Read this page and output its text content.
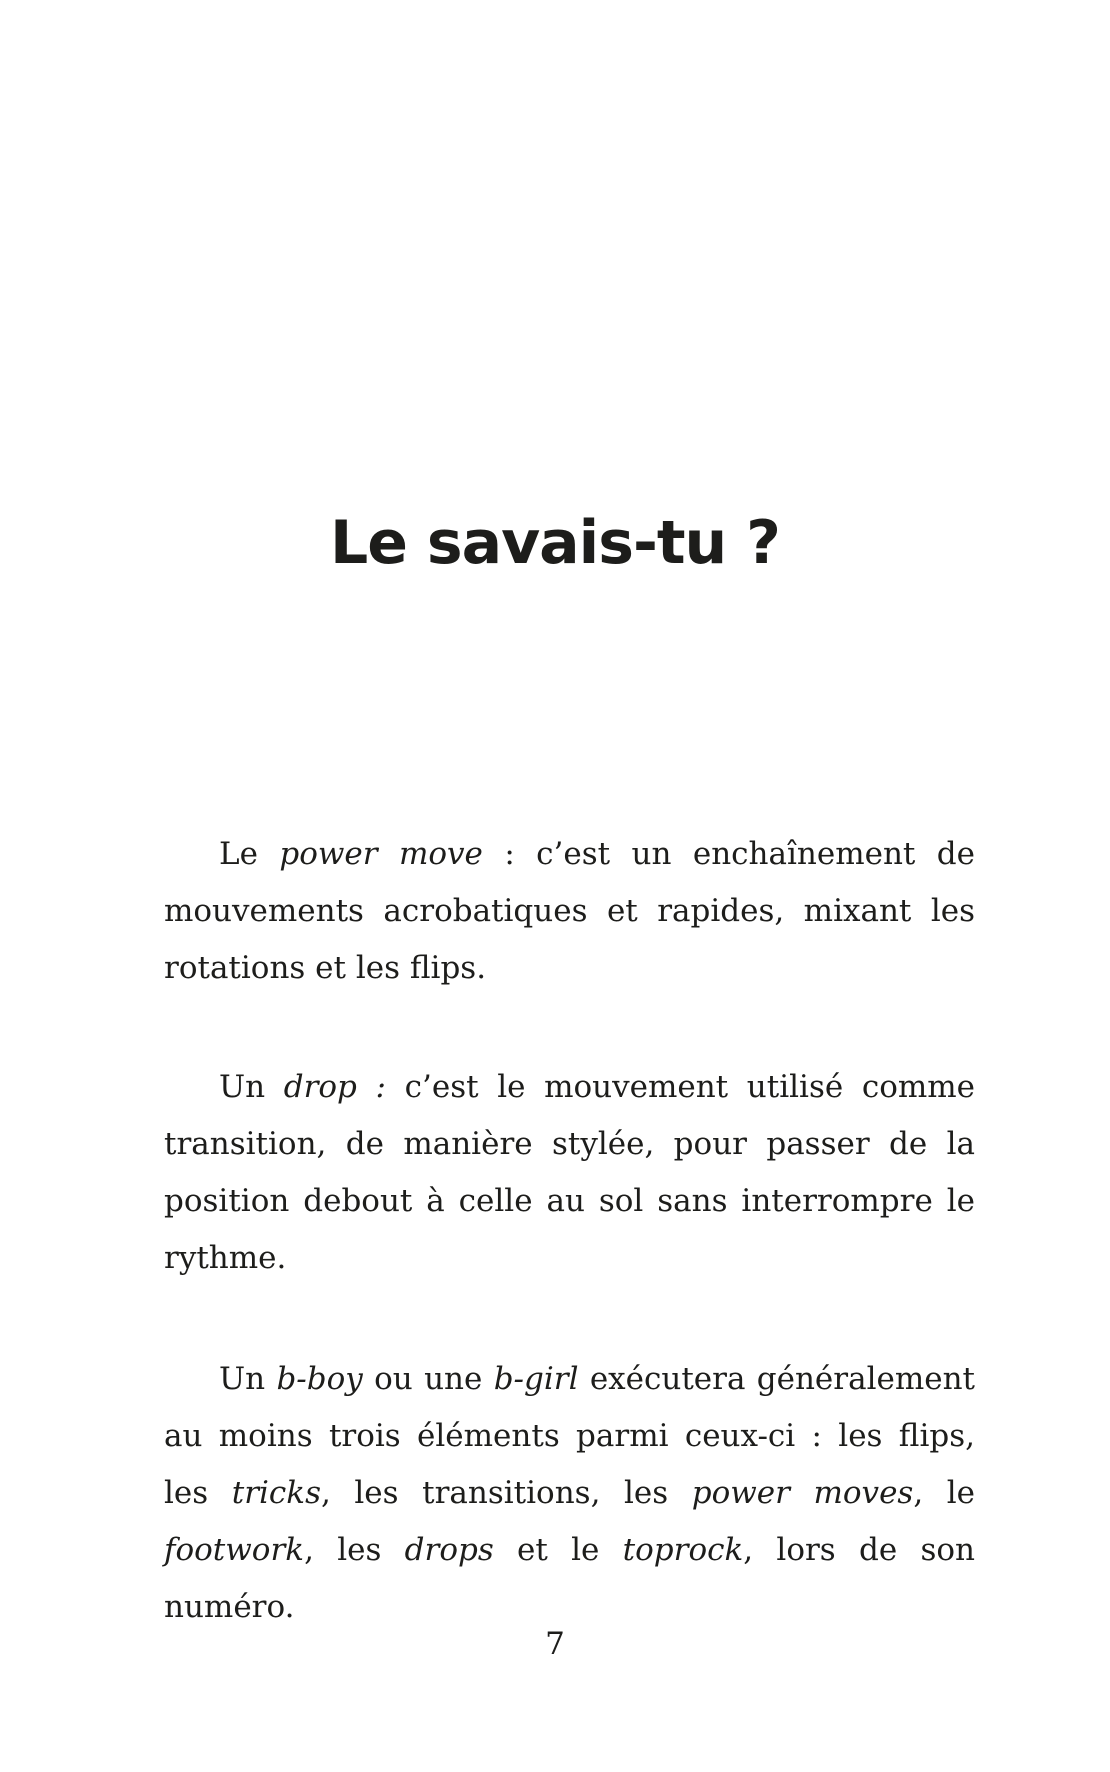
Le savais-tu ?

Le power move : c’est un enchaînement de mouvements acrobatiques et rapides, mixant les rotations et les flips.

Un drop : c’est le mouvement utilisé comme transition, de manière stylée, pour passer de la position debout à celle au sol sans interrompre le rythme.

Un b-boy ou une b-girl exécutera généralement au moins trois éléments parmi ceux-ci : les flips, les tricks, les transitions, les power moves, le footwork, les drops et le toprock, lors de son numéro.

7
